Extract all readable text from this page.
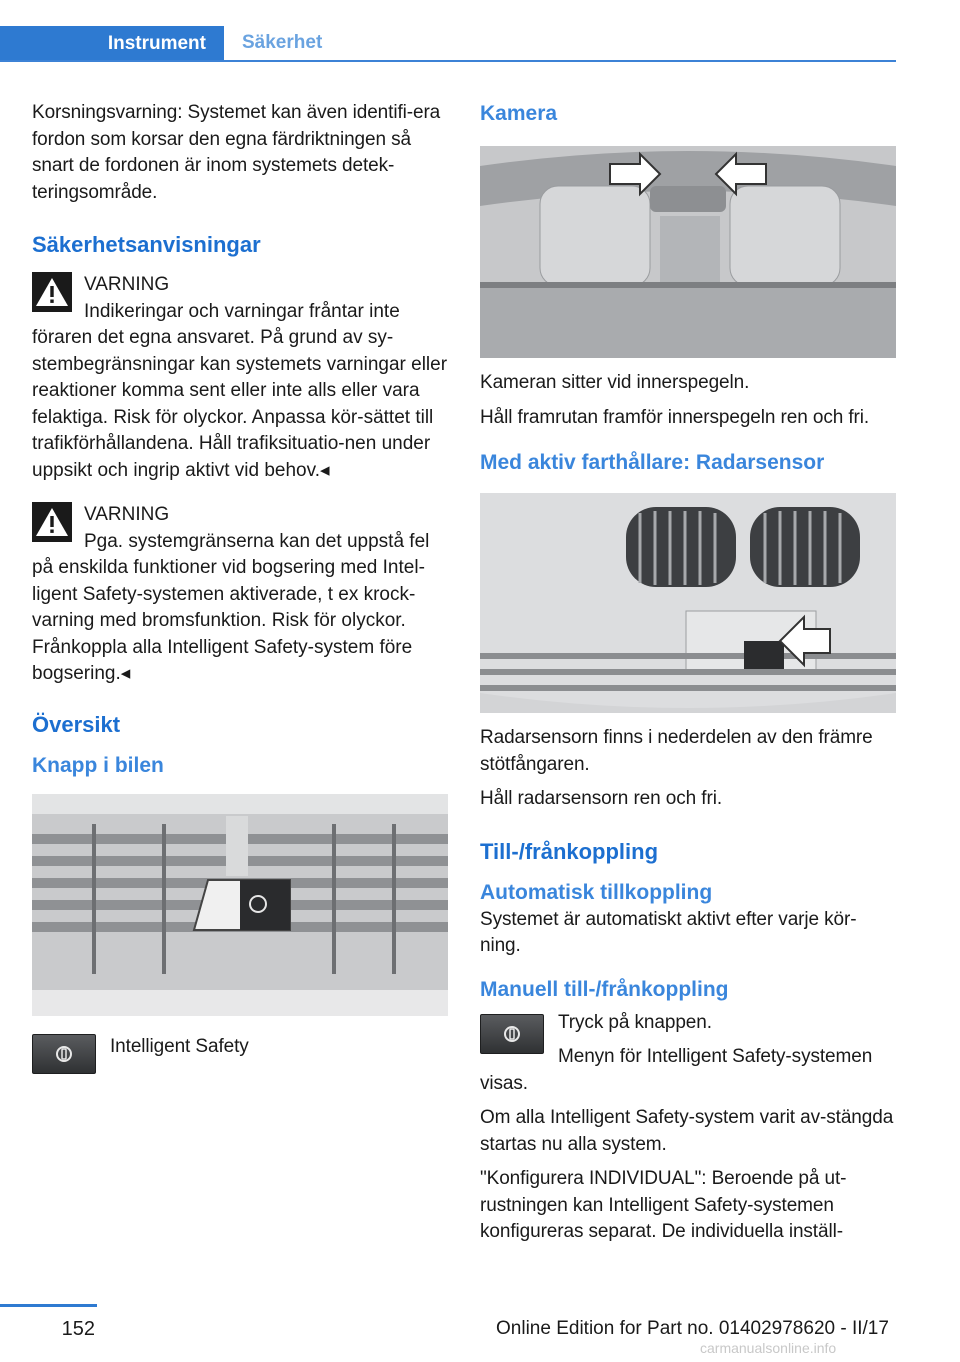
Instrument	Säkerhet

Korsningsvarning: Systemet kan även identifi-era fordon som korsar den egna färdriktningen så snart de fordonen är inom systemets detek-teringsområde.

Säkerhetsanvisningar

VARNING

Indikeringar och varningar fråntar inte föraren det egna ansvaret. På grund av sy-stembegränsningar kan systemets varningar eller reaktioner komma sent eller inte alls eller vara felaktiga. Risk för olyckor. Anpassa kör-sättet till trafikförhållandena. Håll trafiksituatio-nen under uppsikt och ingrip aktivt vid behov.◂

VARNING

Pga. systemgränserna kan det uppstå fel på enskilda funktioner vid bogsering med Intel-ligent Safety-systemen aktiverade, t ex krock-varning med bromsfunktion. Risk för olyckor. Frånkoppla alla Intelligent Safety-system före bogsering.◂

Översikt
Knapp i bilen

Intelligent Safety

Kamera

Kameran sitter vid innerspegeln.

Håll framrutan framför innerspegeln ren och fri.

Med aktiv farthållare: Radarsensor

Radarsensorn finns i nederdelen av den främre stötfångaren.

Håll radarsensorn ren och fri.

Till-/frånkoppling
Automatisk tillkoppling

Systemet är automatiskt aktivt efter varje kör-ning.

Manuell till-/frånkoppling

Tryck på knappen.

Menyn för Intelligent Safety-systemen visas.

Om alla Intelligent Safety-system varit av-stängda startas nu alla system.

"Konfigurera INDIVIDUAL": Beroende på ut-rustningen kan Intelligent Safety-systemen konfigureras separat. De individuella inställ-

152	Online Edition for Part no. 01402978620 - II/17
carmanualsonline.info
